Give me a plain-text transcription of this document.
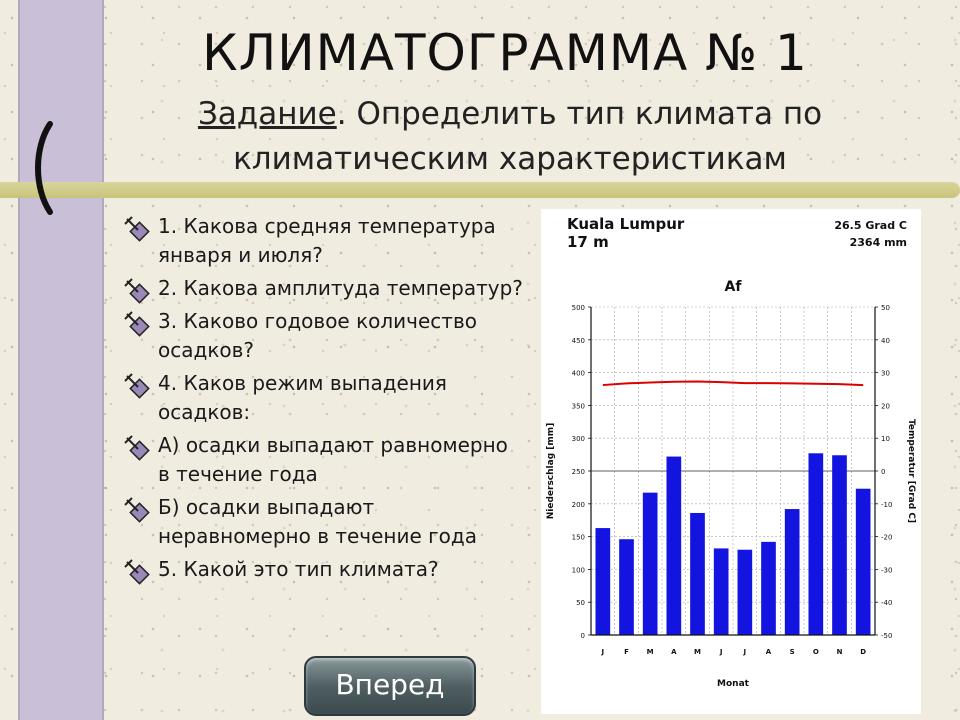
КЛИМАТОГРАММА № 1
Задание. Определить тип климата по
климатическим характеристикам
1. Какова средняя температура января и июля?
2. Какова амплитуда температур?
3. Каково годовое количество осадков?
4. Каков режим выпадения осадков:
А) осадки выпадают равномерно в течение года
Б) осадки выпадают неравномерно в течение года
5. Какой это тип климата?
Kuala Lumpur
17 m
26.5 Grad C
2364 mm
Af
0	-50
50	-40
100	-30
150	-20
200	-10
250	0
300	10
350	20
400	30
450	40
500	50
J	F	M A M	J	J	A	S	O	N	D
Monat
Niederschlag [mm]	Temperatur [Grad C]
Вперед
